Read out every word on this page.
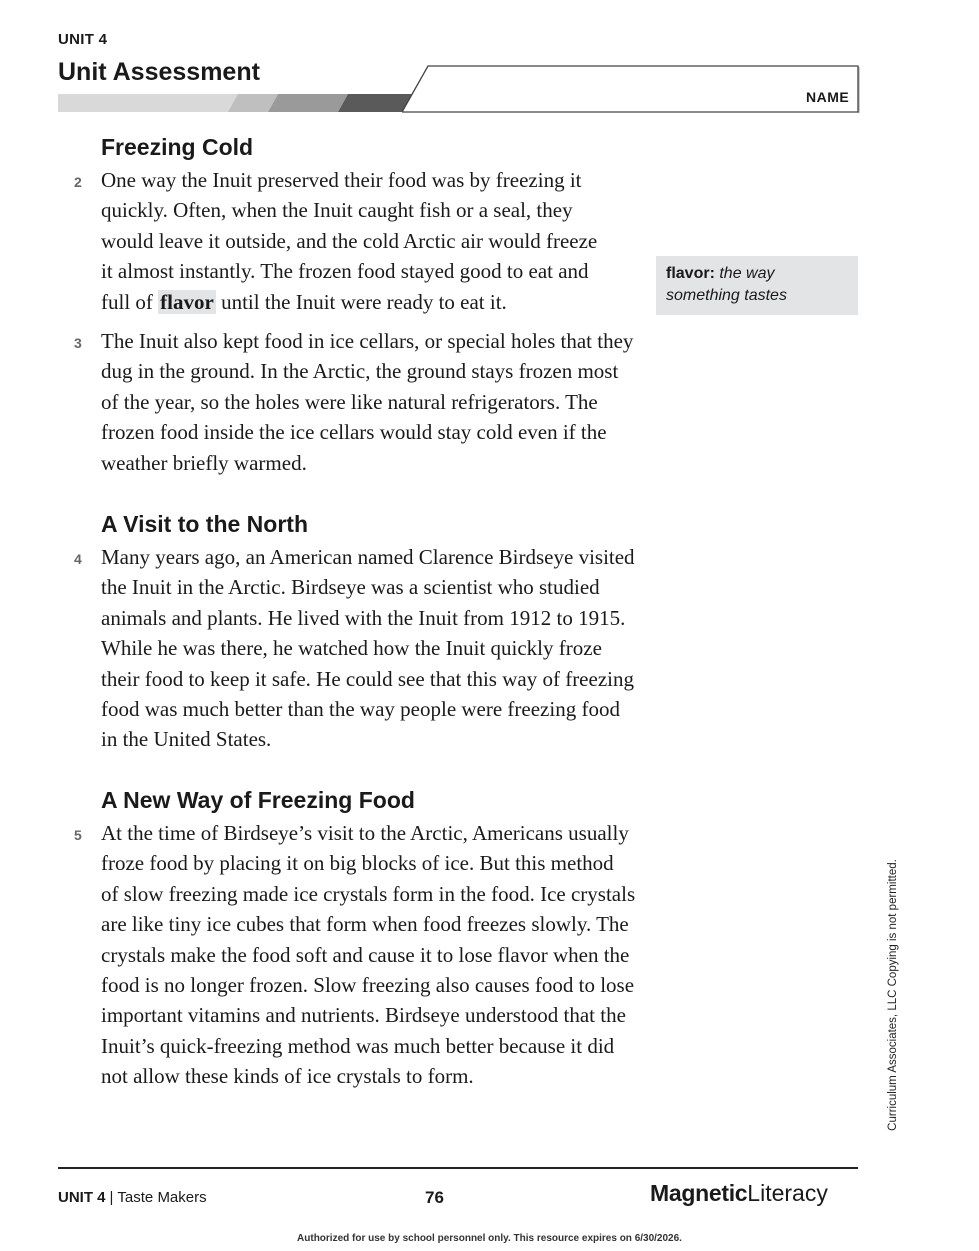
UNIT 4
Unit Assessment
NAME
Freezing Cold
2 One way the Inuit preserved their food was by freezing it quickly. Often, when the Inuit caught fish or a seal, they would leave it outside, and the cold Arctic air would freeze it almost instantly. The frozen food stayed good to eat and full of flavor until the Inuit were ready to eat it.

flavor: the way something tastes
3 The Inuit also kept food in ice cellars, or special holes that they dug in the ground. In the Arctic, the ground stays frozen most of the year, so the holes were like natural refrigerators. The frozen food inside the ice cellars would stay cold even if the weather briefly warmed.

A Visit to the North
4 Many years ago, an American named Clarence Birdseye visited the Inuit in the Arctic. Birdseye was a scientist who studied animals and plants. He lived with the Inuit from 1912 to 1915. While he was there, he watched how the Inuit quickly froze their food to keep it safe. He could see that this way of freezing food was much better than the way people were freezing food in the United States.

A New Way of Freezing Food
5 At the time of Birdseye’s visit to the Arctic, Americans usually froze food by placing it on big blocks of ice. But this method of slow freezing made ice crystals form in the food. Ice crystals are like tiny ice cubes that form when food freezes slowly. The crystals make the food soft and cause it to lose flavor when the food is no longer frozen. Slow freezing also causes food to lose important vitamins and nutrients. Birdseye understood that the Inuit’s quick-freezing method was much better because it did not allow these kinds of ice crystals to form.	Curriculum Associates, LLC Copying is not permitted.
UNIT 4 | Taste Makers	76	MagneticLiteracy
Authorized for use by school personnel only. This resource expires on 6/30/2026.
